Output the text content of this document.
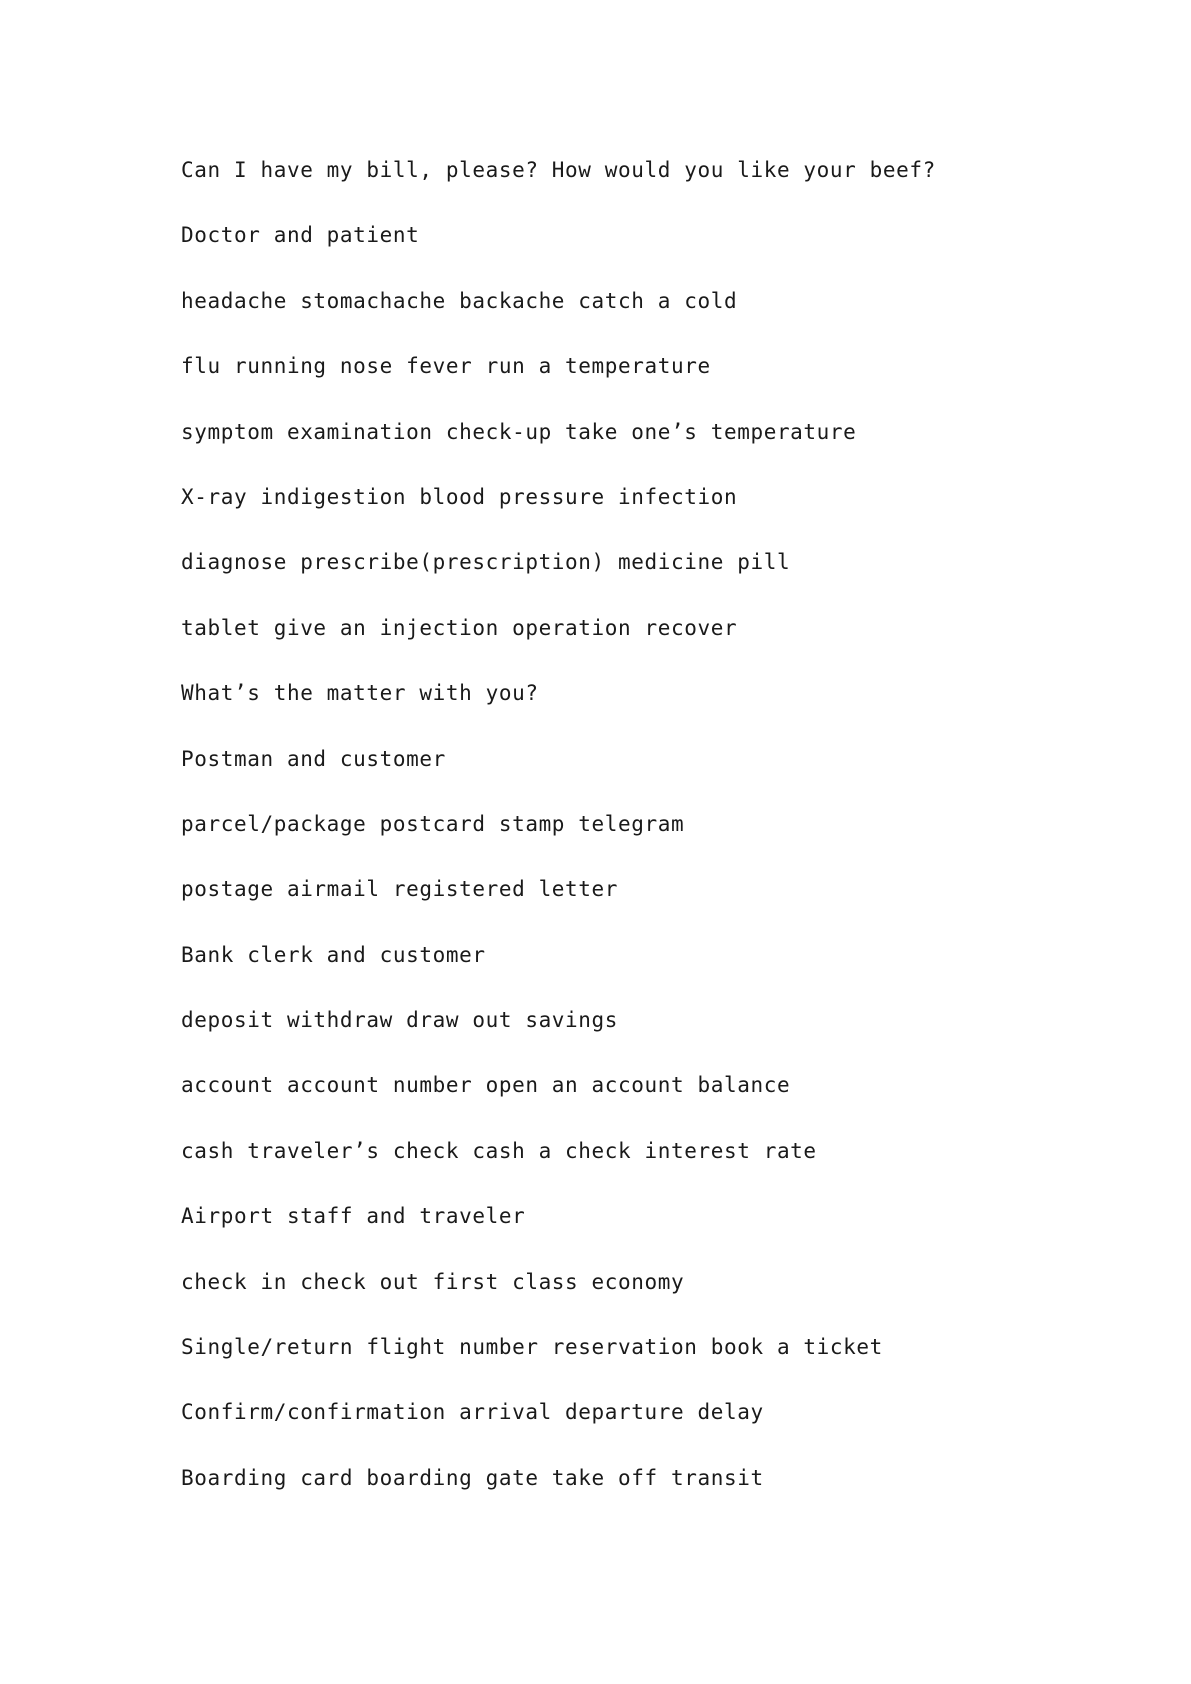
Can I have my bill, please? How would you like your beef?
Doctor and patient
headache stomachache backache catch a cold
flu running nose fever run a temperature
symptom examination check-up take one’s temperature
X-ray indigestion blood pressure infection
diagnose prescribe(prescription) medicine pill
tablet give an injection operation recover
What’s the matter with you?
Postman and customer
parcel/package postcard stamp telegram
postage airmail registered letter
Bank clerk and customer
deposit withdraw draw out savings
account account number open an account balance
cash traveler’s check cash a check interest rate
Airport staff and traveler
check in check out first class economy
Single/return flight number reservation book a ticket
Confirm/confirmation arrival departure delay
Boarding card boarding gate take off transit
